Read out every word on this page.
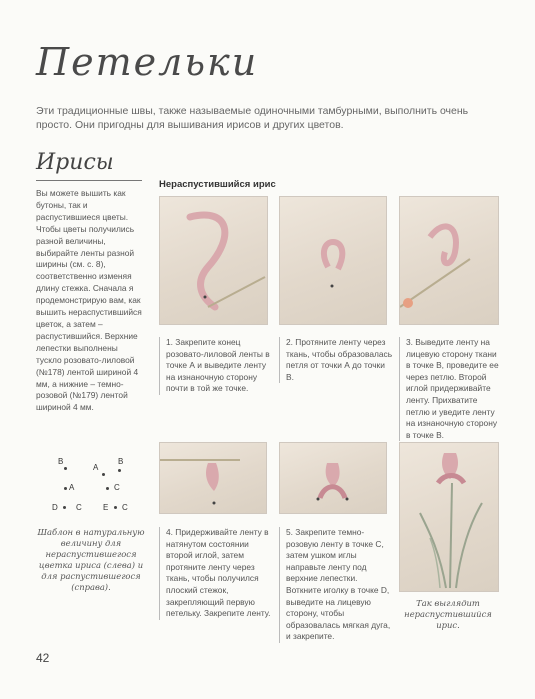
Петельки
Эти традиционные швы, также называемые одиночными тамбурными, выполнить очень просто. Они пригодны для вышивания ирисов и других цветов.
Ирисы
Вы можете вышить как бутоны, так и распустившиеся цветы. Чтобы цветы получились разной величины, выбирайте ленты разной ширины (см. с. 8), соответственно изменяя длину стежка. Сначала я продемонстрирую вам, как вышить нераспустившийся цветок, а затем – распустившийся. Верхние лепестки выполнены тускло розовато-лиловой (№178) лентой шириной 4 мм, а нижние – темно-розовой (№179) лентой шириной 4 мм.
Нераспустившийся ирис
1. Закрепите конец розовато-лиловой ленты в точке А и выведите ленту на изнаночную сторону почти в той же точке.
2. Протяните ленту через ткань, чтобы образовалась петля от точки А до точки В.
3. Выведите ленту на лицевую сторону ткани в точке В, проведите ее через петлю. Второй иглой придерживайте ленту. Прихватите петлю и уведите ленту на изнаночную сторону в точке В.
4. Придерживайте ленту в натянутом состоянии второй иглой, затем протяните ленту через ткань, чтобы получился плоский стежок, закрепляющий первую петельку. Закрепите ленту.
5. Закрепите темно-розовую ленту в точке С, затем ушком иглы направьте ленту под верхние лепестки. Воткните иголку в точке D, выведите на лицевую сторону, чтобы образовалась мягкая дуга, и закрепите.
Так выглядит нераспустившийся ирис.
B
A
B
A	C
D C	E C
Шаблон в натуральную величину для нераспустившегося цветка ириса (слева) и для распустившегося (справа).
42
